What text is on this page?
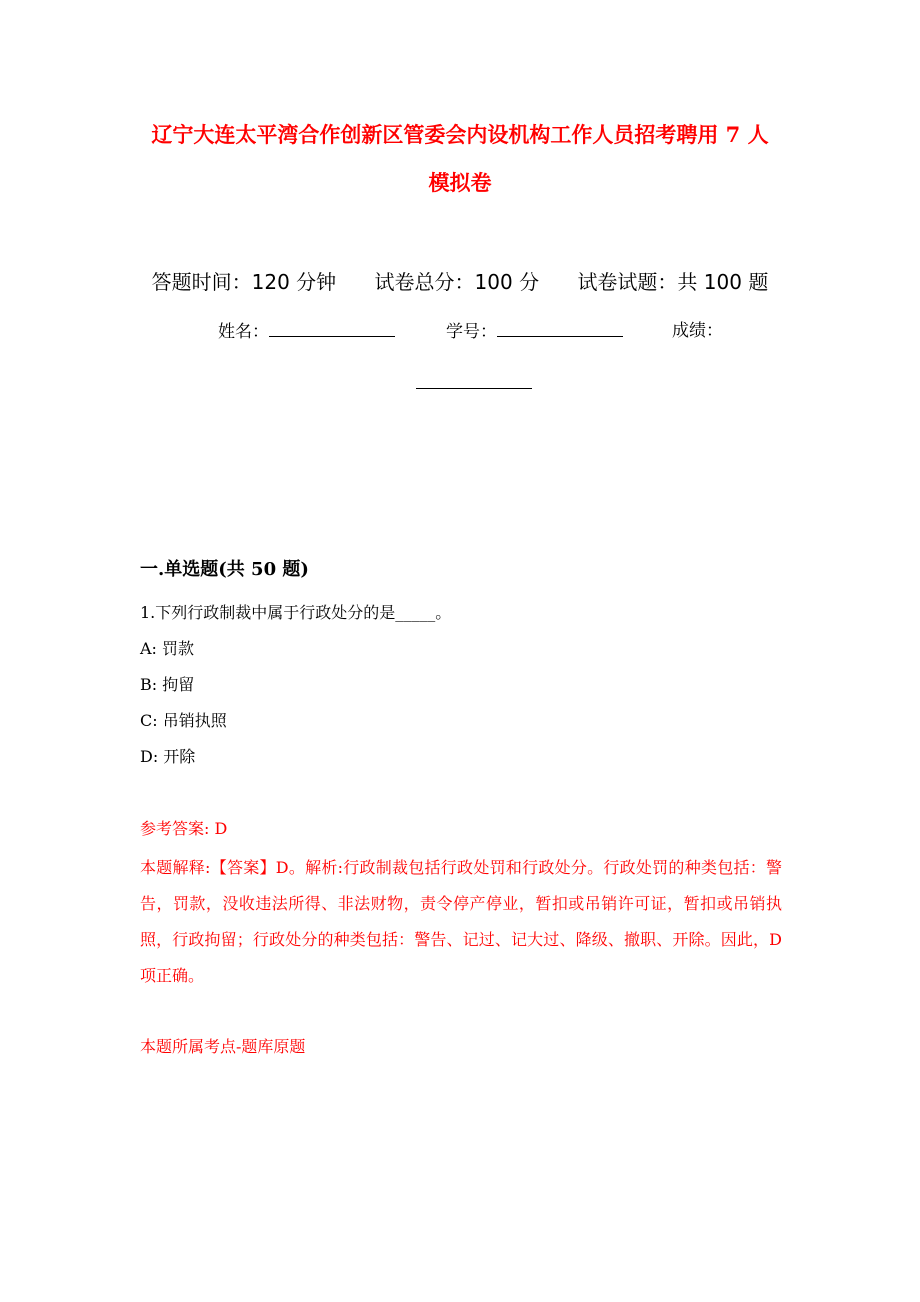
辽宁大连太平湾合作创新区管委会内设机构工作人员招考聘用 7 人
模拟卷
答题时间：120 分钟 试卷总分：100 分 试卷试题：共 100 题
姓名：	学号：	成绩：
一.单选题(共 50 题)
1.下列行政制裁中属于行政处分的是_____。
A: 罚款
B: 拘留
C: 吊销执照
D: 开除
参考答案: D
本题解释:【答案】D。解析:行政制裁包括行政处罚和行政处分。行政处罚的种类包括：警告，罚款，没收违法所得、非法财物，责令停产停业，暂扣或吊销许可证，暂扣或吊销执照，行政拘留；行政处分的种类包括：警告、记过、记大过、降级、撤职、开除。因此，D 项正确。
本题所属考点-题库原题
